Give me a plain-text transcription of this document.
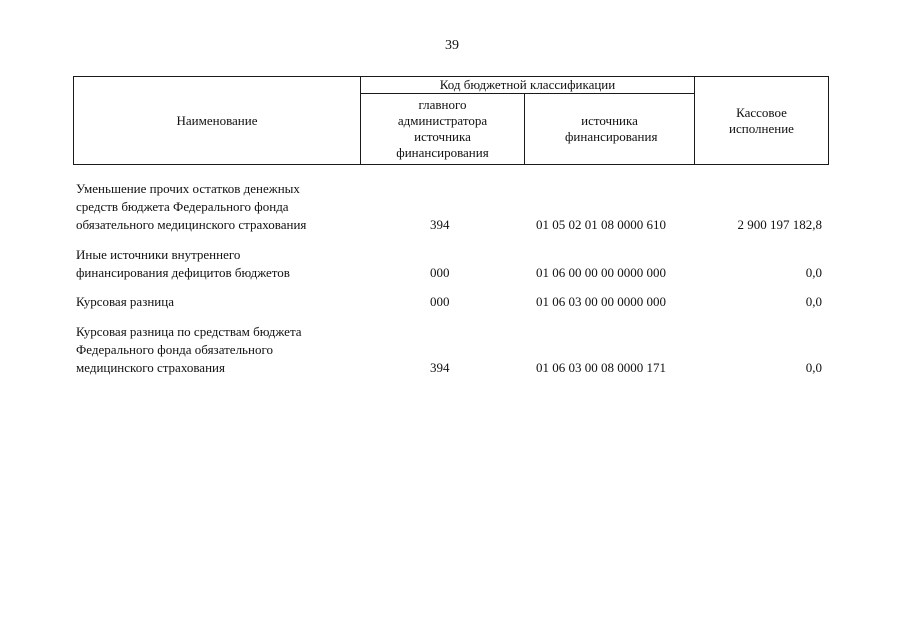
39
Наименование	Код бюджетной классификации		Кассовое исполнение
	главного администратора источника финансирования	источника финансирования	
Уменьшение прочих остатков денежных
средств бюджета Федерального фонда
обязательного медицинского страхования	394	01 05 02 01 08 0000 610	2 900 197 182,8
Иные источники внутреннего
финансирования дефицитов бюджетов	000	01 06 00 00 00 0000 000	0,0
Курсовая разница	000	01 06 03 00 00 0000 000	0,0
Курсовая разница по средствам бюджета
Федерального фонда обязательного
медицинского страхования	394	01 06 03 00 08 0000 171	0,0
